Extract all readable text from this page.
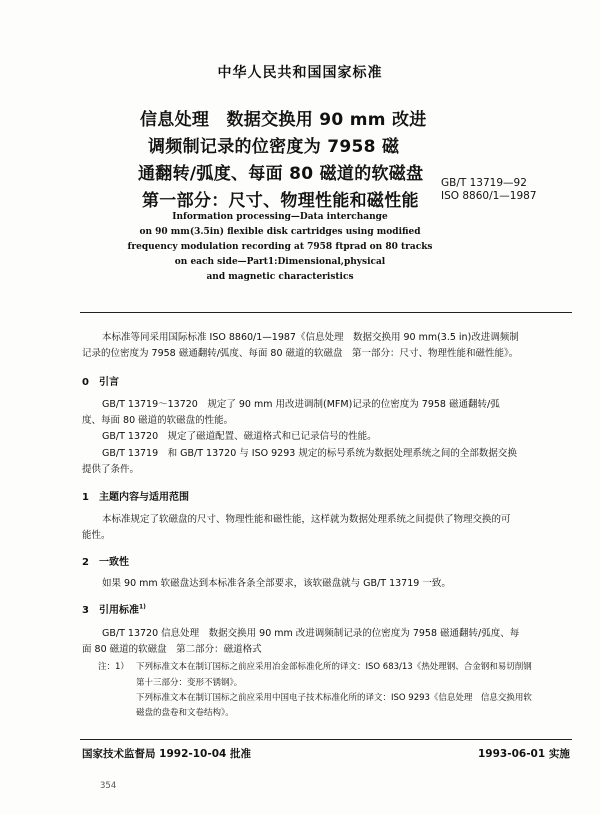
中华人民共和国国家标准
信息处理　数据交换用 90 mm 改进
调频制记录的位密度为 7958 磁
通翻转/弧度、每面 80 磁道的软磁盘
第一部分：尺寸、物理性能和磁性能
GB/T 13719—92
ISO 8860/1—1987
Information processing—Data interchange
on 90 mm(3.5in) flexible disk cartridges using modified
frequency modulation recording at 7958 ftprad on 80 tracks
on each side—Part1:Dimensional,physical
and magnetic characteristics
本标准等同采用国际标准 ISO 8860/1—1987《信息处理　数据交换用 90 mm(3.5 in)改进调频制
记录的位密度为 7958 磁通翻转/弧度、每面 80 磁道的软磁盘　第一部分：尺寸、物理性能和磁性能》。
0　引言
GB/T 13719～13720　规定了 90 mm 用改进调制(MFM)记录的位密度为 7958 磁通翻转/弧
度、每面 80 磁道的软磁盘的性能。
GB/T 13720　规定了磁道配置、磁道格式和已记录信号的性能。
GB/T 13719　和 GB/T 13720 与 ISO 9293 规定的标号系统为数据处理系统之间的全部数据交换
提供了条件。
1　主题内容与适用范围
本标准规定了软磁盘的尺寸、物理性能和磁性能，这样就为数据处理系统之间提供了物理交换的可
能性。
2　一致性
如果 90 mm 软磁盘达到本标准各条全部要求，该软磁盘就与 GB/T 13719 一致。
3　引用标准$^{1)}$
GB/T 13720 信息处理　数据交换用 90 mm 改进调频制记录的位密度为 7958 磁通翻转/弧度、每
面 80 磁道的软磁盘　第二部分：磁道格式
注：1） 下列标准文本在制订国标之前应采用冶金部标准化所的译文：ISO 683/13《热处理钢、合金钢和易切削钢
第十三部分：变形不锈钢》。
下列标准文本在制订国标之前应采用中国电子技术标准化所的译文：ISO 9293《信息处理　信息交换用软
磁盘的盘卷和文卷结构》。
国家技术监督局 1992-10-04 批准	1993-06-01 实施
354
